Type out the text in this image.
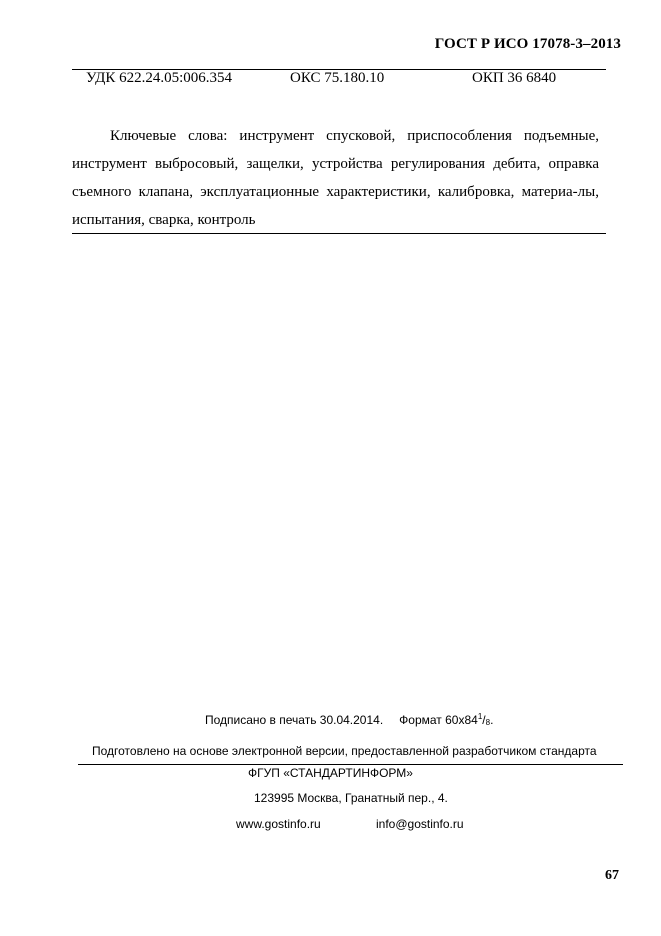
ГОСТ Р ИСО 17078-3–2013
УДК 622.24.05:006.354	ОКС 75.180.10	ОКП 36 6840

Ключевые слова: инструмент спусковой, приспособления подъемные, инструмент выбросовый, защелки, устройства регулирования дебита, оправка съемного клапана, эксплуатационные характеристики, калибровка, материа-лы, испытания, сварка, контроль

Подписано в печать 30.04.2014. Формат $60x84^1/8$.
Подготовлено на основе электронной версии, предоставленной разработчиком стандарта
ФГУП «СТАНДАРТИНФОРМ»
123995 Москва, Гранатный пер., 4.
www.gostinfo.ru	info@gostinfo.ru
67
